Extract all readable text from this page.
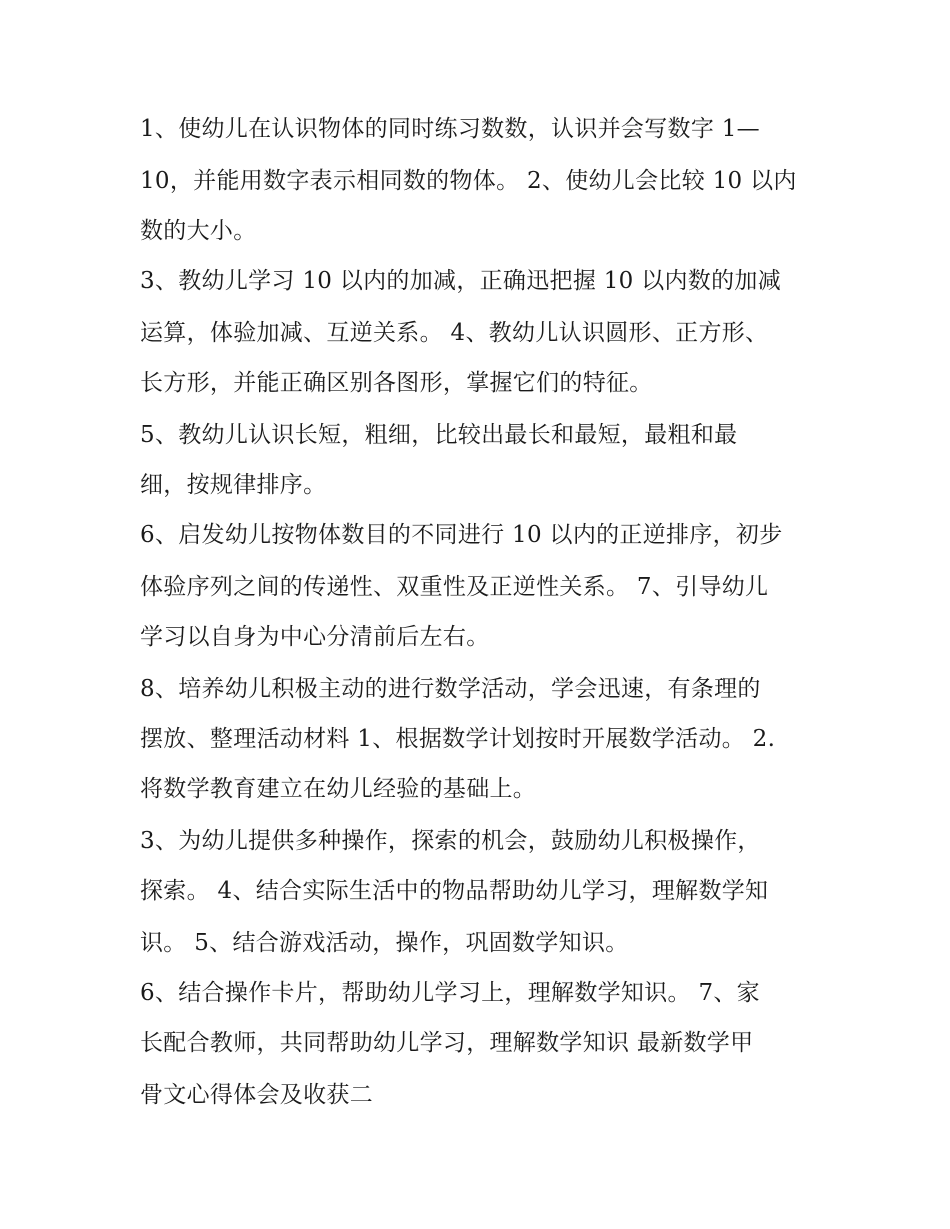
1、使幼儿在认识物体的同时练习数数，认识并会写数字 1—
10，并能用数字表示相同数的物体。 2、使幼儿会比较 10 以内
数的大小。
3、教幼儿学习 10 以内的加减，正确迅把握 10 以内数的加减
运算，体验加减、互逆关系。 4、教幼儿认识圆形、正方形、
长方形，并能正确区别各图形，掌握它们的特征。
5、教幼儿认识长短，粗细，比较出最长和最短，最粗和最
细，按规律排序。
6、启发幼儿按物体数目的不同进行 10 以内的正逆排序，初步
体验序列之间的传递性、双重性及正逆性关系。 7、引导幼儿
学习以自身为中心分清前后左右。
8、培养幼儿积极主动的进行数学活动，学会迅速，有条理的
摆放、整理活动材料 1、根据数学计划按时开展数学活动。 2.
将数学教育建立在幼儿经验的基础上。
3、为幼儿提供多种操作，探索的机会，鼓励幼儿积极操作，
探索。 4、结合实际生活中的物品帮助幼儿学习，理解数学知
识。 5、结合游戏活动，操作，巩固数学知识。
6、结合操作卡片，帮助幼儿学习上，理解数学知识。 7、家
长配合教师，共同帮助幼儿学习，理解数学知识 最新数学甲
骨文心得体会及收获二
